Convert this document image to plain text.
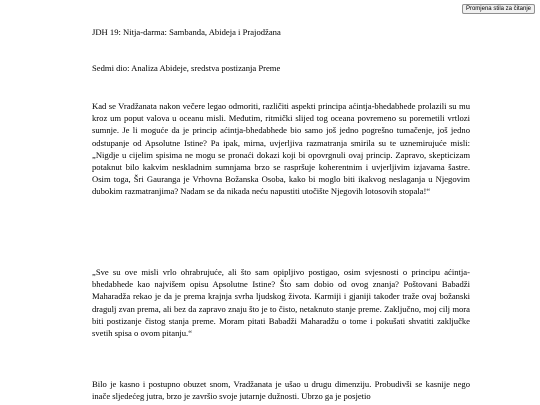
Promjena stila za čitanje
JDH 19: Nitja-darma: Sambanda, Abideja i Prajodžana
Sedmi dio: Analiza Abideje, sredstva postizanja Preme

Kad se Vradžanata nakon večere legao odmoriti, različiti aspekti principa aćintja-bhedabhede prolazili su mu kroz um poput valova u oceanu misli. Međutim, ritmički slijed tog oceana povremeno su poremetili vrtlozi sumnje. Je li moguće da je princip aćintja-bhedabhede bio samo još jedno pogrešno tumačenje, još jedno odstupanje od Apsolutne Istine? Pa ipak, mirna, uvjerljiva razmatranja smirila su te uznemirujuće misli: „Nigdje u cijelim spisima ne mogu se pronaći dokazi koji bi opovrgnuli ovaj princip. Zapravo, skepticizam potaknut bilo kakvim neskladnim sumnjama brzo se raspršuje koherentnim i uvjerljivim izjavama šastre. Osim toga, Šri Gauranga je Vrhovna Božanska Osoba, kako bi moglo biti ikakvog neslaganja u Njegovim dubokim razmatranjima? Nadam se da nikada neću napustiti utočište Njegovih lotosovih stopala!“

„Sve su ove misli vrlo ohrabrujuće, ali što sam opipljivo postigao, osim svjesnosti o principu aćintja-bhedabhede kao najvišem opisu Apsolutne Istine? Što sam dobio od ovog znanja? Poštovani Babadži Maharadža rekao je da je prema krajnja svrha ljudskog života. Karmiji i gjaniji također traže ovaj božanski dragulj zvan prema, ali bez da zapravo znaju što je to čisto, netaknuto stanje preme. Zaključno, moj cilj mora biti postizanje čistog stanja preme. Moram pitati Babadži Maharadžu o tome i pokušati shvatiti zaključke svetih spisa o ovom pitanju.“

Bilo je kasno i postupno obuzet snom, Vradžanata je ušao u drugu dimenziju. Probudivši se kasnije nego inače sljedećeg jutra, brzo je završio svoje jutarnje dužnosti. Ubrzo ga je posjetio
